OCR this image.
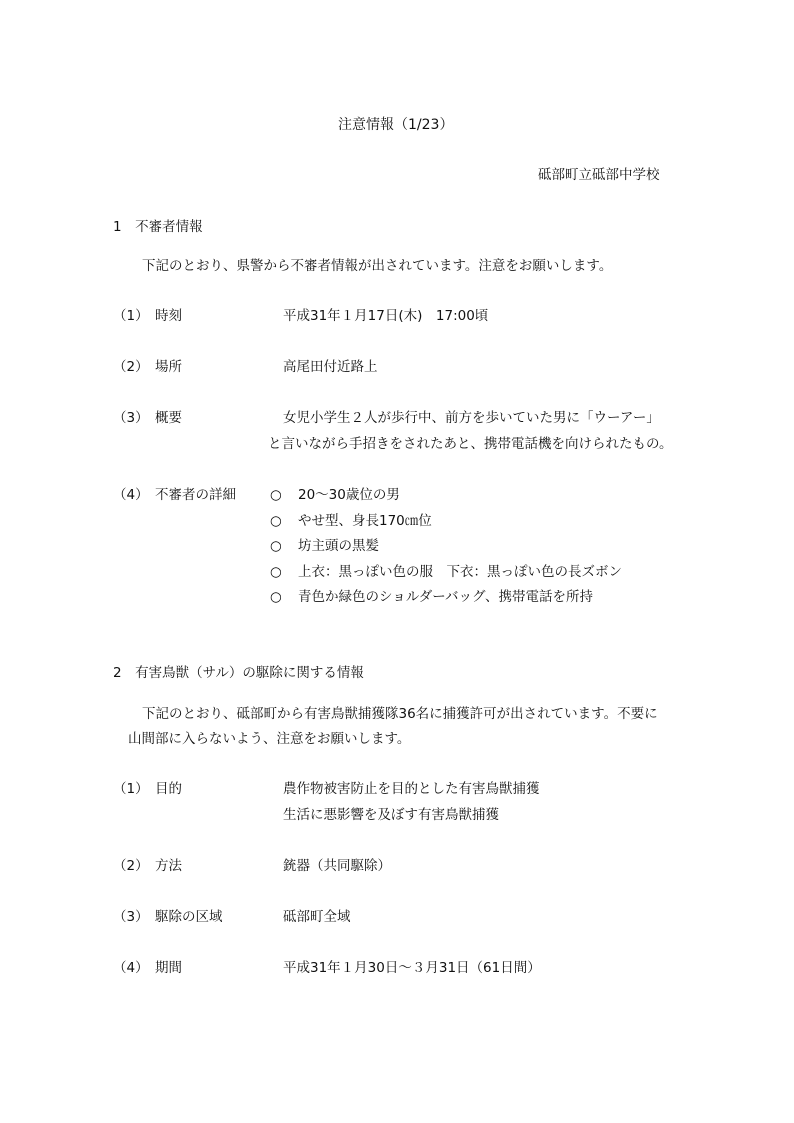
注意情報（1/23）
砥部町立砥部中学校
1　不審者情報
下記のとおり、県警から不審者情報が出されています。注意をお願いします。
（1） 時刻	平成31年１月17日(木)　17:00頃
（2） 場所	高尾田付近路上
（3） 概要	女児小学生２人が歩行中、前方を歩いていた男に「ウーアー」
と言いながら手招きをされたあと、携帯電話機を向けられたもの。
（4） 不審者の詳細	○ 20～30歳位の男
○ やせ型、身長170㎝位
○ 坊主頭の黒髪
○ 上衣：黒っぽい色の服　下衣：黒っぽい色の長ズボン
○ 青色か緑色のショルダーバッグ、携帯電話を所持
2　有害鳥獣（サル）の駆除に関する情報
下記のとおり、砥部町から有害鳥獣捕獲隊36名に捕獲許可が出されています。不要に
山間部に入らないよう、注意をお願いします。
（1） 目的	農作物被害防止を目的とした有害鳥獣捕獲
生活に悪影響を及ぼす有害鳥獣捕獲
（2） 方法	銃器（共同駆除）
（3） 駆除の区域	砥部町全域
（4） 期間	平成31年１月30日～３月31日（61日間）
